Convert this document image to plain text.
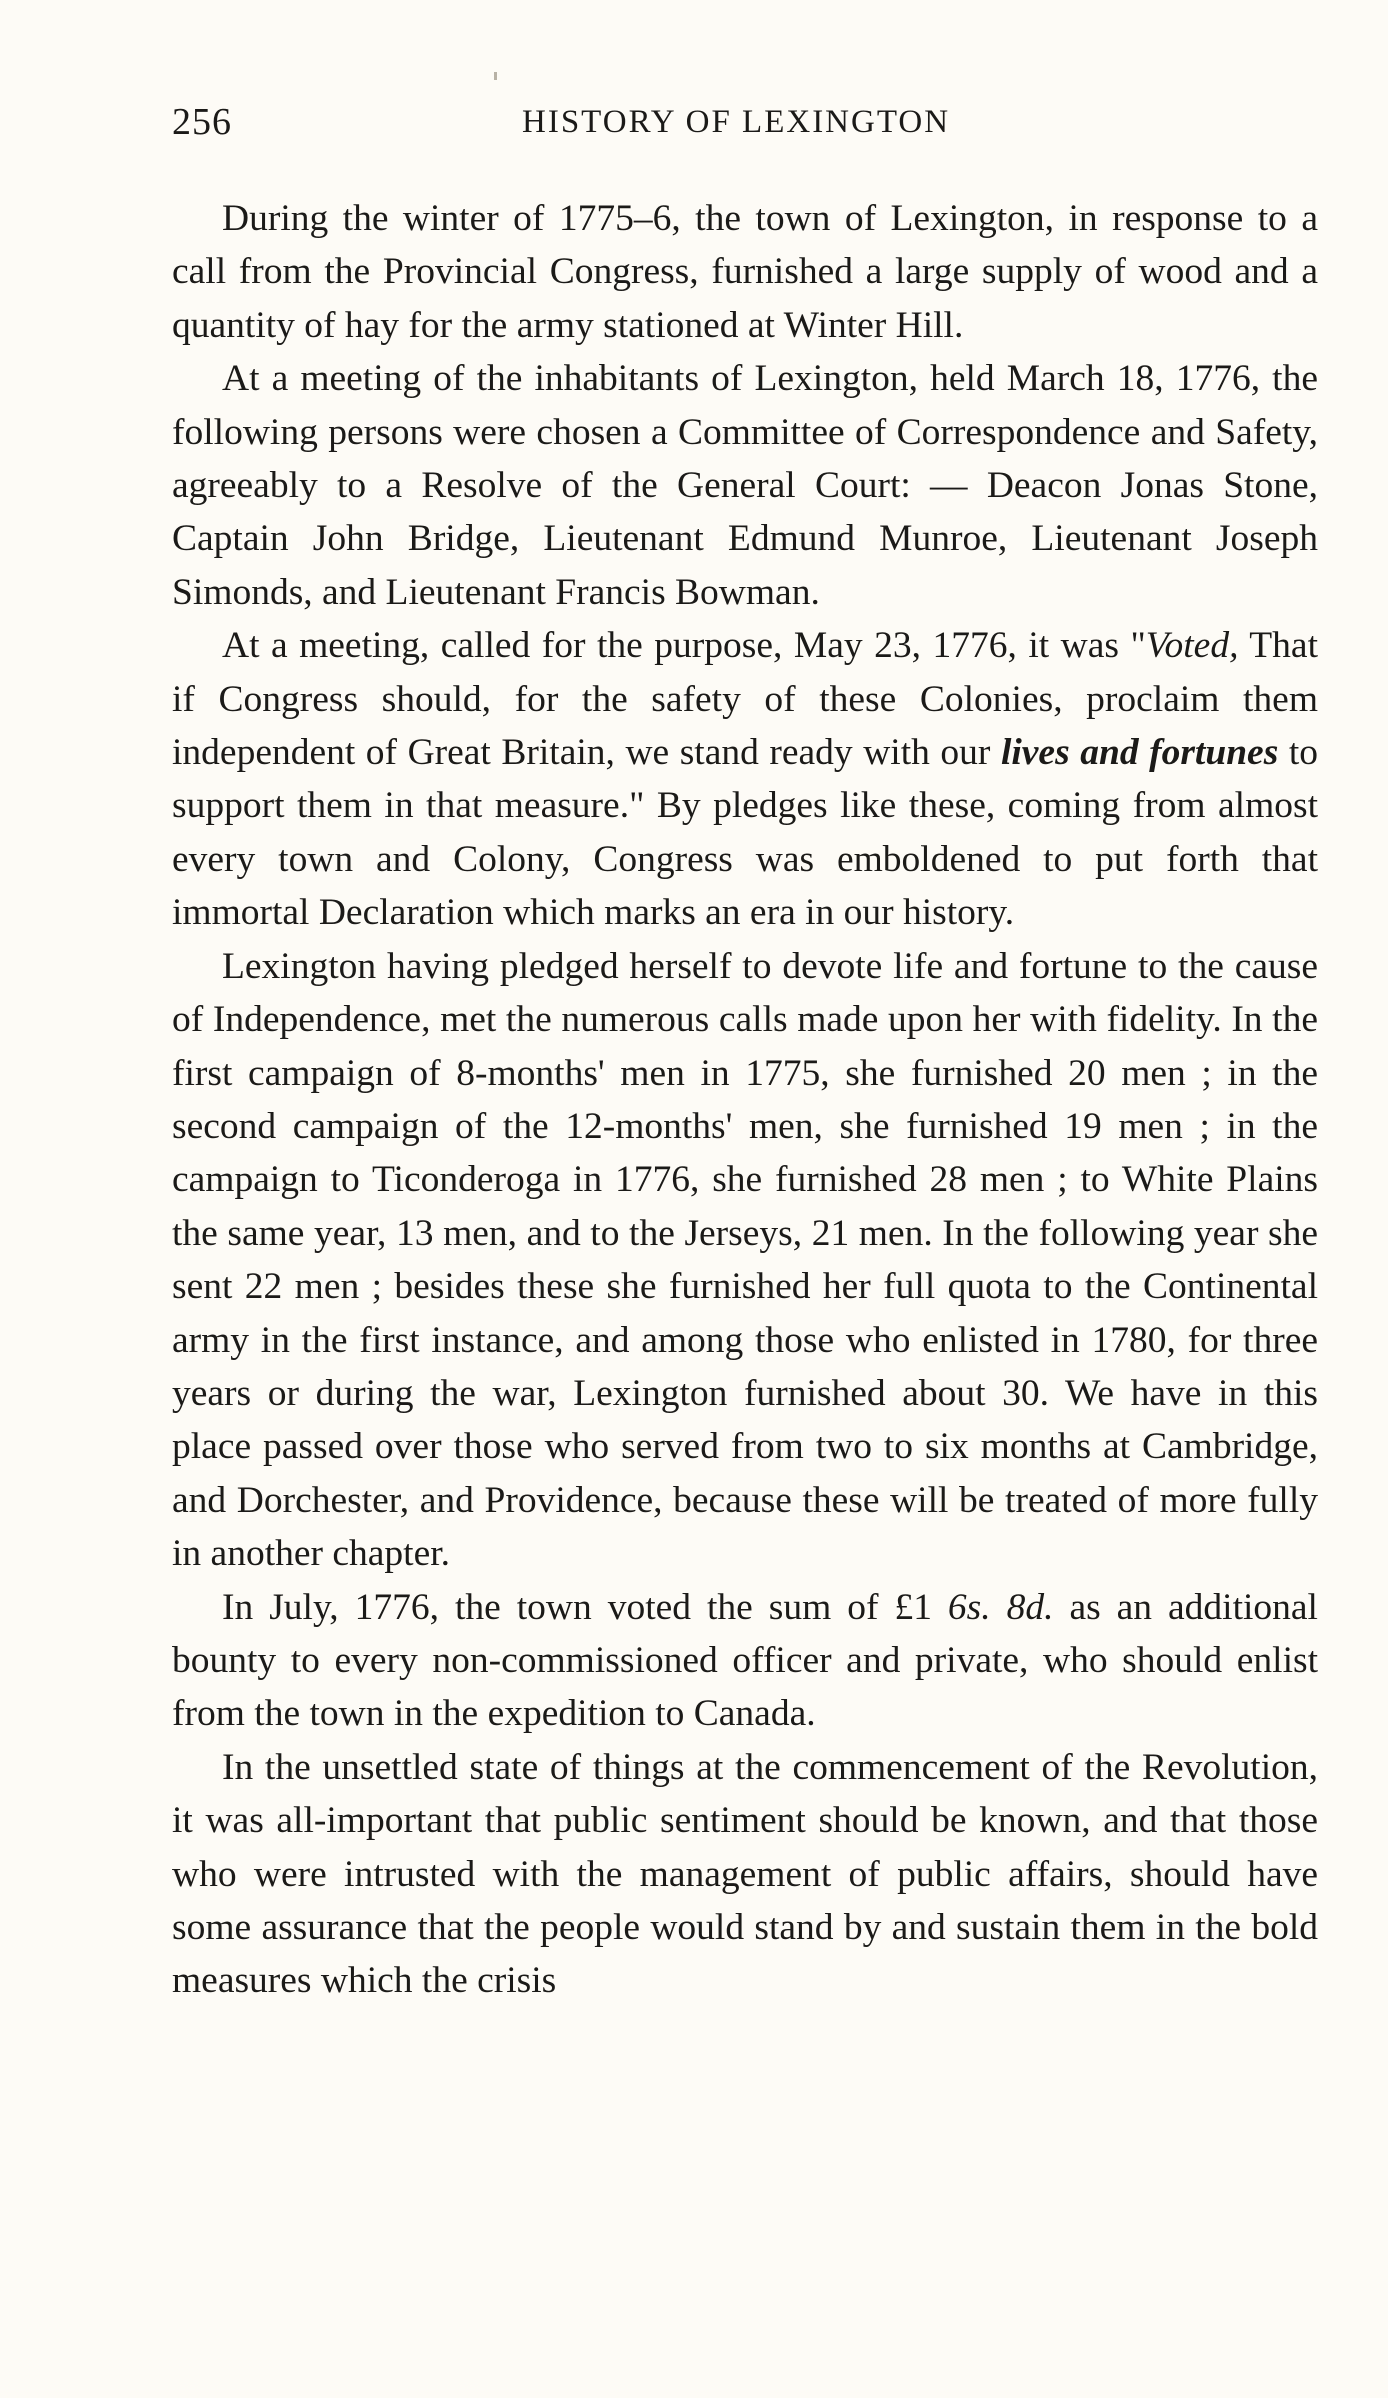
256	HISTORY OF LEXINGTON

During the winter of 1775–6, the town of Lexington, in response to a call from the Provincial Congress, furnished a large supply of wood and a quantity of hay for the army stationed at Winter Hill.

At a meeting of the inhabitants of Lexington, held March 18, 1776, the following persons were chosen a Committee of Correspondence and Safety, agreeably to a Resolve of the General Court: — Deacon Jonas Stone, Captain John Bridge, Lieutenant Edmund Munroe, Lieutenant Joseph Simonds, and Lieutenant Francis Bowman.

At a meeting, called for the purpose, May 23, 1776, it was "Voted, That if Congress should, for the safety of these Colonies, proclaim them independent of Great Britain, we stand ready with our lives and fortunes to support them in that measure." By pledges like these, coming from almost every town and Colony, Congress was emboldened to put forth that immortal Declaration which marks an era in our history.

Lexington having pledged herself to devote life and fortune to the cause of Independence, met the numerous calls made upon her with fidelity. In the first campaign of 8-months' men in 1775, she furnished 20 men ; in the second campaign of the 12-months' men, she furnished 19 men ; in the campaign to Ticonderoga in 1776, she furnished 28 men ; to White Plains the same year, 13 men, and to the Jerseys, 21 men. In the following year she sent 22 men ; besides these she furnished her full quota to the Continental army in the first instance, and among those who enlisted in 1780, for three years or during the war, Lexington furnished about 30. We have in this place passed over those who served from two to six months at Cambridge, and Dorchester, and Providence, because these will be treated of more fully in another chapter.

In July, 1776, the town voted the sum of £1 6s. 8d. as an additional bounty to every non-commissioned officer and private, who should enlist from the town in the expedition to Canada.

In the unsettled state of things at the commencement of the Revolution, it was all-important that public sentiment should be known, and that those who were intrusted with the management of public affairs, should have some assurance that the people would stand by and sustain them in the bold measures which the crisis
